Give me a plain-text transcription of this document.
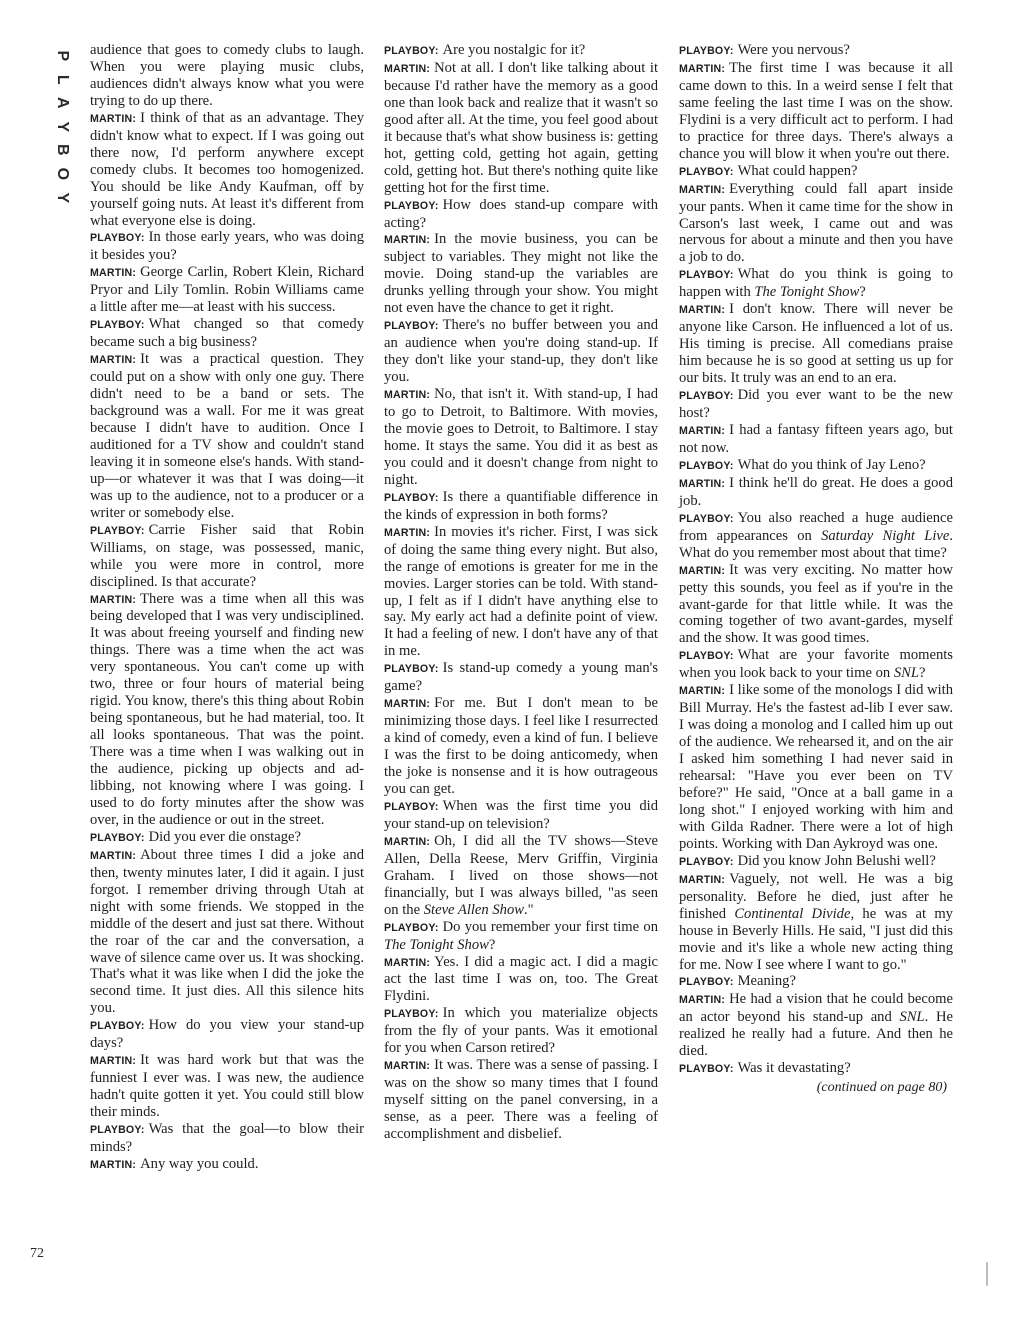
P
L
A
Y
B
O
Y

audience that goes to comedy clubs to laugh. When you were playing music clubs, audiences didn't always know what you were trying to do up there.

MARTIN: I think of that as an advantage. They didn't know what to expect. If I was going out there now, I'd perform anywhere except comedy clubs. It becomes too homogenized. You should be like Andy Kaufman, off by yourself going nuts. At least it's different from what everyone else is doing.

PLAYBOY: In those early years, who was doing it besides you?

MARTIN: George Carlin, Robert Klein, Richard Pryor and Lily Tomlin. Robin Williams came a little after me—at least with his success.

PLAYBOY: What changed so that comedy became such a big business?

MARTIN: It was a practical question. They could put on a show with only one guy. There didn't need to be a band or sets. The background was a wall. For me it was great because I didn't have to audition. Once I auditioned for a TV show and couldn't stand leaving it in someone else's hands. With stand-up—or whatever it was that I was doing—it was up to the audience, not to a producer or a writer or somebody else.

PLAYBOY: Carrie Fisher said that Robin Williams, on stage, was possessed, manic, while you were more in control, more disciplined. Is that accurate?

MARTIN: There was a time when all this was being developed that I was very undisciplined. It was about freeing yourself and finding new things. There was a time when the act was very spontaneous. You can't come up with two, three or four hours of material being rigid. You know, there's this thing about Robin being spontaneous, but he had material, too. It all looks spontaneous. That was the point. There was a time when I was walking out in the audience, picking up objects and ad-libbing, not knowing where I was going. I used to do forty minutes after the show was over, in the audience or out in the street.

PLAYBOY: Did you ever die onstage?

MARTIN: About three times I did a joke and then, twenty minutes later, I did it again. I just forgot. I remember driving through Utah at night with some friends. We stopped in the middle of the desert and just sat there. Without the roar of the car and the conversation, a wave of silence came over us. It was shocking. That's what it was like when I did the joke the second time. It just dies. All this silence hits you.

PLAYBOY: How do you view your stand-up days?

MARTIN: It was hard work but that was the funniest I ever was. I was new, the audience hadn't quite gotten it yet. You could still blow their minds.

PLAYBOY: Was that the goal—to blow their minds?

MARTIN: Any way you could.

PLAYBOY: Are you nostalgic for it?

MARTIN: Not at all. I don't like talking about it because I'd rather have the memory as a good one than look back and realize that it wasn't so good after all. At the time, you feel good about it because that's what show business is: getting hot, getting cold, getting hot again, getting cold, getting hot. But there's nothing quite like getting hot for the first time.

PLAYBOY: How does stand-up compare with acting?

MARTIN: In the movie business, you can be subject to variables. They might not like the movie. Doing stand-up the variables are drunks yelling through your show. You might not even have the chance to get it right.

PLAYBOY: There's no buffer between you and an audience when you're doing stand-up. If they don't like your stand-up, they don't like you.

MARTIN: No, that isn't it. With stand-up, I had to go to Detroit, to Baltimore. With movies, the movie goes to Detroit, to Baltimore. I stay home. It stays the same. You did it as best as you could and it doesn't change from night to night.

PLAYBOY: Is there a quantifiable difference in the kinds of expression in both forms?

MARTIN: In movies it's richer. First, I was sick of doing the same thing every night. But also, the range of emotions is greater for me in the movies. Larger stories can be told. With stand-up, I felt as if I didn't have anything else to say. My early act had a definite point of view. It had a feeling of new. I don't have any of that in me.

PLAYBOY: Is stand-up comedy a young man's game?

MARTIN: For me. But I don't mean to be minimizing those days. I feel like I resurrected a kind of comedy, even a kind of fun. I believe I was the first to be doing anticomedy, when the joke is nonsense and it is how outrageous you can get.

PLAYBOY: When was the first time you did your stand-up on television?

MARTIN: Oh, I did all the TV shows—Steve Allen, Della Reese, Merv Griffin, Virginia Graham. I lived on those shows—not financially, but I was always billed, "as seen on the Steve Allen Show."

PLAYBOY: Do you remember your first time on The Tonight Show?

MARTIN: Yes. I did a magic act. I did a magic act the last time I was on, too. The Great Flydini.

PLAYBOY: In which you materialize objects from the fly of your pants. Was it emotional for you when Carson retired?

MARTIN: It was. There was a sense of passing. I was on the show so many times that I found myself sitting on the panel conversing, in a sense, as a peer. There was a feeling of accomplishment and disbelief.

PLAYBOY: Were you nervous?

MARTIN: The first time I was because it all came down to this. In a weird sense I felt that same feeling the last time I was on the show. Flydini is a very difficult act to perform. I had to practice for three days. There's always a chance you will blow it when you're out there.

PLAYBOY: What could happen?

MARTIN: Everything could fall apart inside your pants. When it came time for the show in Carson's last week, I came out and was nervous for about a minute and then you have a job to do.

PLAYBOY: What do you think is going to happen with The Tonight Show?

MARTIN: I don't know. There will never be anyone like Carson. He influenced a lot of us. His timing is precise. All comedians praise him because he is so good at setting us up for our bits. It truly was an end to an era.

PLAYBOY: Did you ever want to be the new host?

MARTIN: I had a fantasy fifteen years ago, but not now.

PLAYBOY: What do you think of Jay Leno?

MARTIN: I think he'll do great. He does a good job.

PLAYBOY: You also reached a huge audience from appearances on Saturday Night Live. What do you remember most about that time?

MARTIN: It was very exciting. No matter how petty this sounds, you feel as if you're in the avant-garde for that little while. It was the coming together of two avant-gardes, myself and the show. It was good times.

PLAYBOY: What are your favorite moments when you look back to your time on SNL?

MARTIN: I like some of the monologs I did with Bill Murray. He's the fastest ad-lib I ever saw. I was doing a monolog and I called him up out of the audience. We rehearsed it, and on the air I asked him something I had never said in rehearsal: "Have you ever been on TV before?" He said, "Once at a ball game in a long shot." I enjoyed working with him and with Gilda Radner. There were a lot of high points. Working with Dan Aykroyd was one.

PLAYBOY: Did you know John Belushi well?

MARTIN: Vaguely, not well. He was a big personality. Before he died, just after he finished Continental Divide, he was at my house in Beverly Hills. He said, "I just did this movie and it's like a whole new acting thing for me. Now I see where I want to go."

PLAYBOY: Meaning?

MARTIN: He had a vision that he could become an actor beyond his stand-up and SNL. He realized he really had a future. And then he died.

PLAYBOY: Was it devastating?

(continued on page 80)
72
